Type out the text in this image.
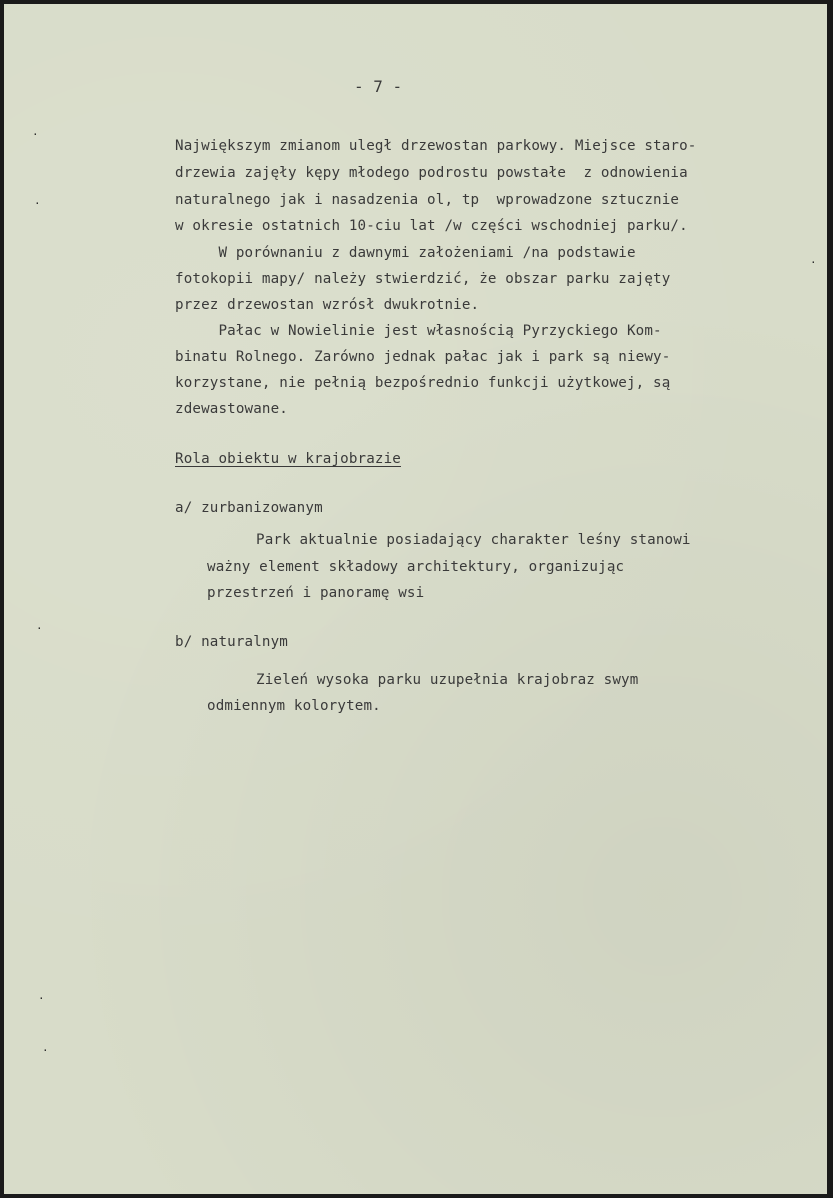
- 7 -
Największym zmianom uległ drzewostan parkowy. Miejsce staro-
drzewia zajęły kępy młodego podrostu powstałe  z odnowienia
naturalnego jak i nasadzenia ol, tp  wprowadzone sztucznie
w okresie ostatnich 10-ciu lat /w części wschodniej parku/.
W porównaniu z dawnymi założeniami /na podstawie
fotokopii mapy/ należy stwierdzić, że obszar parku zajęty
przez drzewostan wzrósł dwukrotnie.
Pałac w Nowielinie jest własnością Pyrzyckiego Kom-
binatu Rolnego. Zarówno jednak pałac jak i park są niewy-
korzystane, nie pełnią bezpośrednio funkcji użytkowej, są
zdewastowane.
Rola obiektu w krajobrazie
a/ zurbanizowanym
Park aktualnie posiadający charakter leśny stanowi
ważny element składowy architektury, organizując
przestrzeń i panoramę wsi
b/ naturalnym
Zieleń wysoka parku uzupełnia krajobraz swym
odmiennym kolorytem.
·
·
·
·
·
·
